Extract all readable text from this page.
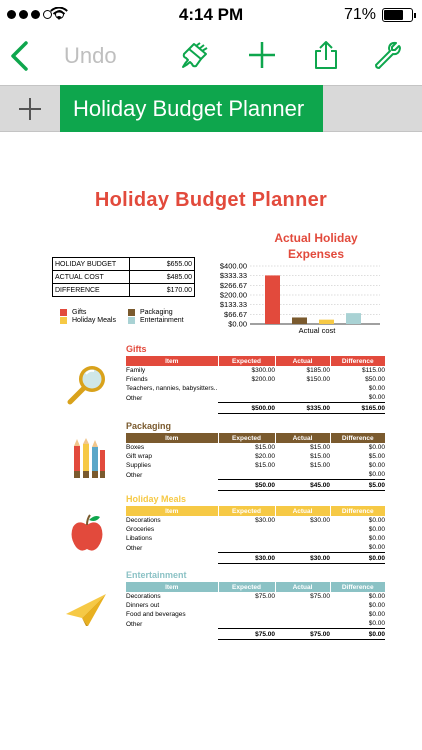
4:14 PM	71%
Undo
Holiday Budget Planner
Holiday Budget Planner
HOLIDAY BUDGET	$655.00
ACTUAL COST	$485.00
DIFFERENCE	$170.00
Gifts	Packaging
Holiday Meals	Entertainment
Actual Holiday Expenses
$400.00
$333.33
$266.67
$200.00
$133.33
$66.67
$0.00
Actual cost
Gifts
Item	Expected	Actual	Difference
Family	$300.00	$185.00	$115.00
Friends	$200.00	$150.00	$50.00
Teachers, nannies, babysitters..			$0.00
Other			$0.00
	$500.00	$335.00	$165.00
Packaging
Item	Expected	Actual	Difference
Boxes	$15.00	$15.00	$0.00
Gift wrap	$20.00	$15.00	$5.00
Supplies	$15.00	$15.00	$0.00
Other			$0.00
	$50.00	$45.00	$5.00
Holiday Meals
Item	Expected	Actual	Difference
Decorations	$30.00	$30.00	$0.00
Groceries			$0.00
Libations			$0.00
Other			$0.00
	$30.00	$30.00	$0.00
Entertainment
Item	Expected	Actual	Difference
Decorations	$75.00	$75.00	$0.00
Dinners out			$0.00
Food and beverages			$0.00
Other			$0.00
	$75.00	$75.00	$0.00
